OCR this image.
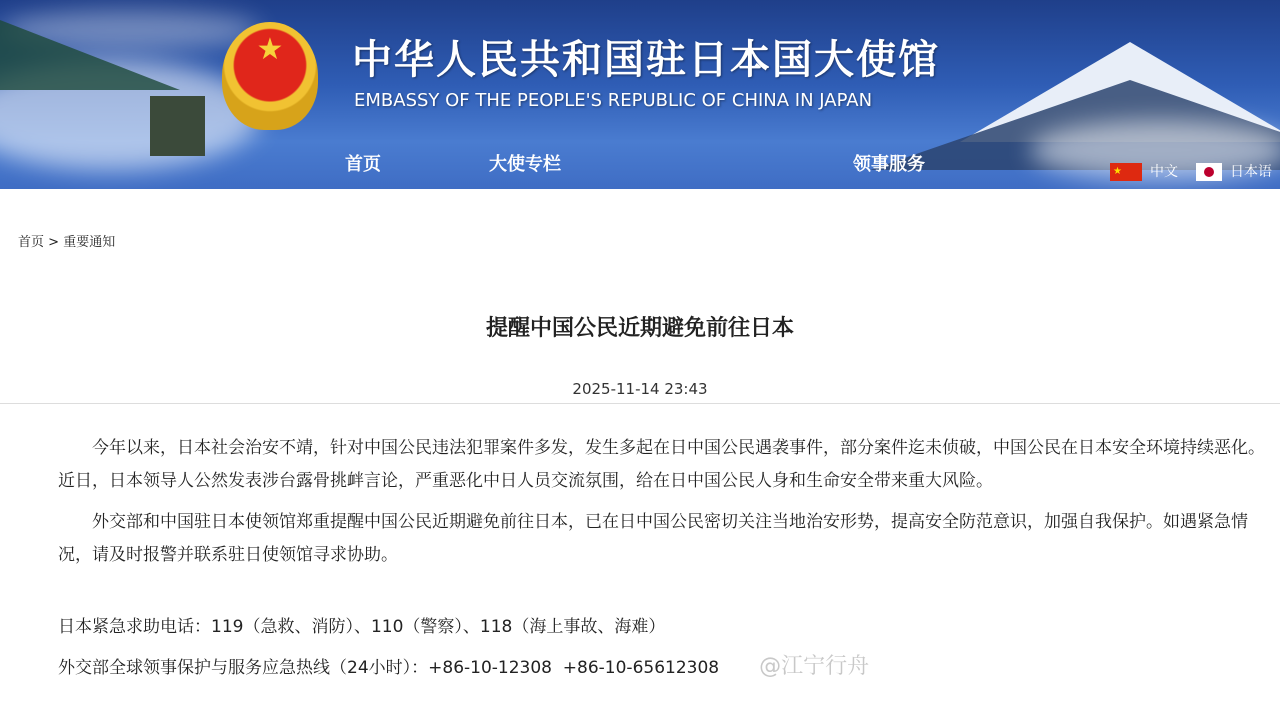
★	中华人民共和国驻日本国大使馆
EMBASSY OF THE PEOPLE'S REPUBLIC OF CHINA IN JAPAN
首页	大使专栏	领事服务	★	中文	日本语
首页 > 重要通知
提醒中国公民近期避免前往日本
2025-11-14 23:43

今年以来，日本社会治安不靖，针对中国公民违法犯罪案件多发，发生多起在日中国公民遇袭事件，部分案件迄未侦破，中国公民在日本安全环境持续恶化。近日，日本领导人公然发表涉台露骨挑衅言论，严重恶化中日人员交流氛围，给在日中国公民人身和生命安全带来重大风险。

外交部和中国驻日本使领馆郑重提醒中国公民近期避免前往日本，已在日中国公民密切关注当地治安形势，提高安全防范意识，加强自我保护。如遇紧急情况，请及时报警并联系驻日使领馆寻求协助。

日本紧急求助电话：119（急救、消防）、110（警察）、118（海上事故、海难）
外交部全球领事保护与服务应急热线（24小时）：+86-10-12308  +86-10-65612308 @江宁行舟
